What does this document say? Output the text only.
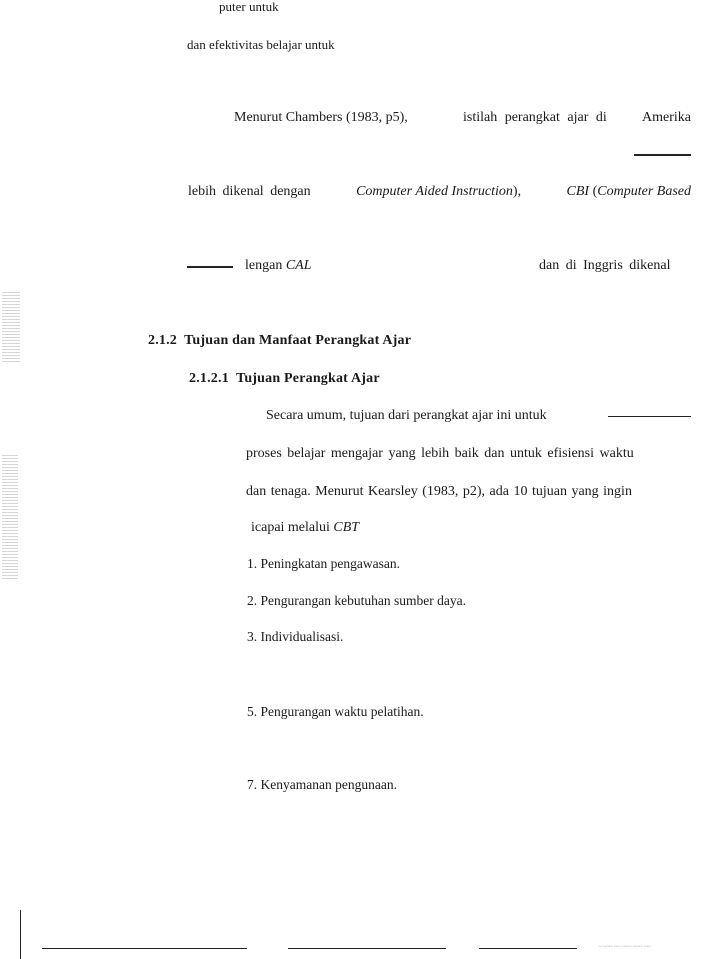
puter untuk
dan efektivitas belajar untuk
Menurut Chambers (1983, p5),	istilah perangkat ajar di	Amerika
lebih dikenal dengan	Computer Aided Instruction),	CBI (Computer Based
lengan CAL	dan di Inggris dikenal
2.1.2 Tujuan dan Manfaat Perangkat Ajar
2.1.2.1 Tujuan Perangkat Ajar
Secara umum, tujuan dari perangkat ajar ini untuk
proses belajar mengajar yang lebih baik dan untuk efisiensi waktu
dan tenaga. Menurut Kearsley (1983, p2), ada 10 tujuan yang ingin
icapai melalui CBT
1. Peningkatan pengawasan.
2. Pengurangan kebutuhan sumber daya.
3. Individualisasi.
5. Pengurangan waktu pelatihan.
7. Kenyamanan pengunaan.
~ ~~~ ~~ ~~~ ~~~ ~~
